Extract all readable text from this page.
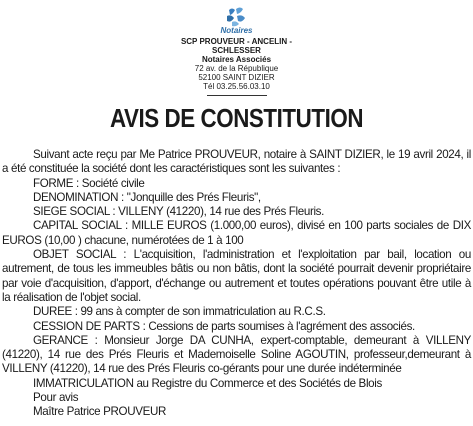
Notaires
SCP PROUVEUR - ANCELIN -
SCHLESSER
Notaires Associés
72 av. de la République
52100 SAINT DIZIER
Tél 03.25.56.03.10
AVIS DE CONSTITUTION

Suivant acte reçu par Me Patrice PROUVEUR, notaire à SAINT DIZIER, le 19 avril 2024, il a été constituée la société dont les caractéristiques sont les suivantes :

FORME : Société civile

DENOMINATION : "Jonquille des Prés Fleuris",

SIEGE SOCIAL : VILLENY (41220), 14 rue des Prés Fleuris.

CAPITAL SOCIAL : MILLE EUROS (1.000,00 euros), divisé en 100 parts sociales de DIX EUROS (10,00 ) chacune, numérotées de 1 à 100

OBJET SOCIAL : L'acquisition, l'administration et l'exploitation par bail, location ou autrement, de tous les immeubles bâtis ou non bâtis, dont la société pourrait devenir propriétaire par voie d'acquisition, d'apport, d'échange ou autrement et toutes opérations pouvant être utile à la réalisation de l'objet social.

DUREE : 99 ans à compter de son immatriculation au R.C.S.

CESSION DE PARTS : Cessions de parts soumises à l'agrément des associés.

GERANCE : Monsieur Jorge DA CUNHA, expert-comptable, demeurant à VILLENY (41220), 14 rue des Prés Fleuris et Mademoiselle Soline AGOUTIN, professeur,demeurant à VILLENY (41220), 14 rue des Prés Fleuris co-gérants pour une durée indéterminée

IMMATRICULATION au Registre du Commerce et des Sociétés de Blois

Pour avis

Maître Patrice PROUVEUR
